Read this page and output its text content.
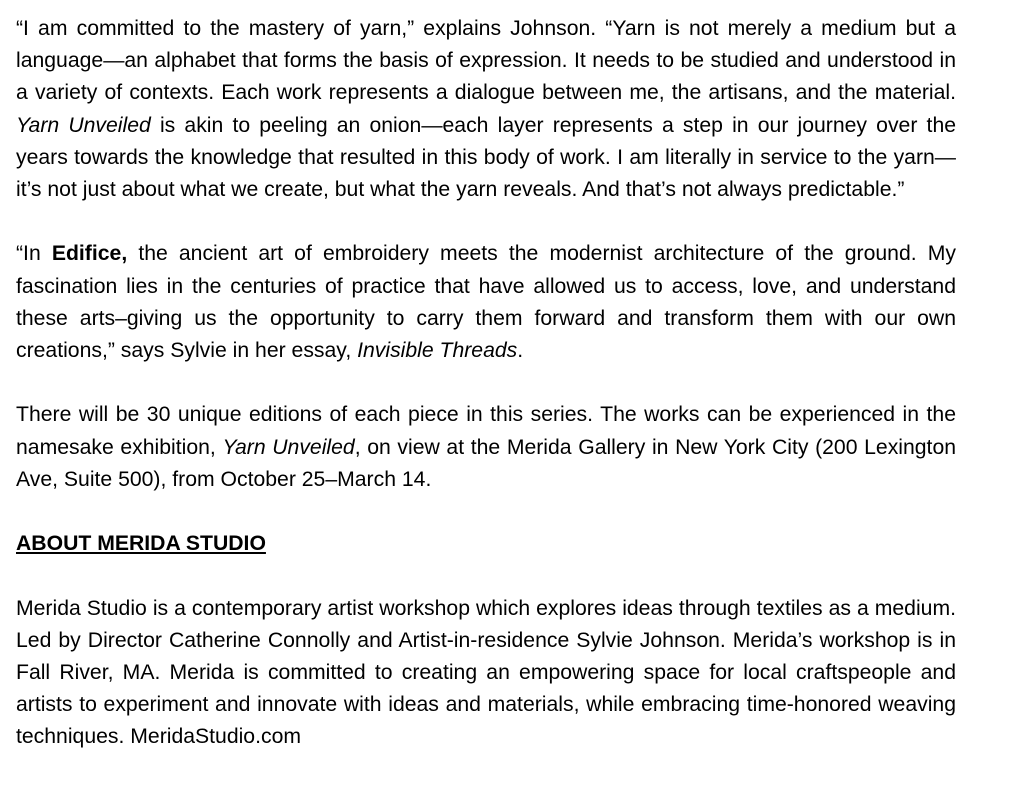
“I am committed to the mastery of yarn,” explains Johnson. “Yarn is not merely a medium but a language—an alphabet that forms the basis of expression. It needs to be studied and understood in a variety of contexts. Each work represents a dialogue between me, the artisans, and the material. Yarn Unveiled is akin to peeling an onion—each layer represents a step in our journey over the years towards the knowledge that resulted in this body of work. I am literally in service to the yarn—it’s not just about what we create, but what the yarn reveals. And that’s not always predictable.”

“In Edifice, the ancient art of embroidery meets the modernist architecture of the ground. My fascination lies in the centuries of practice that have allowed us to access, love, and understand these arts–giving us the opportunity to carry them forward and transform them with our own creations,” says Sylvie in her essay, Invisible Threads.

There will be 30 unique editions of each piece in this series. The works can be experienced in the namesake exhibition, Yarn Unveiled, on view at the Merida Gallery in New York City (200 Lexington Ave, Suite 500), from October 25–March 14.

ABOUT MERIDA STUDIO

Merida Studio is a contemporary artist workshop which explores ideas through textiles as a medium. Led by Director Catherine Connolly and Artist-in-residence Sylvie Johnson. Merida’s workshop is in Fall River, MA. Merida is committed to creating an empowering space for local craftspeople and artists to experiment and innovate with ideas and materials, while embracing time-honored weaving techniques. MeridaStudio.com
